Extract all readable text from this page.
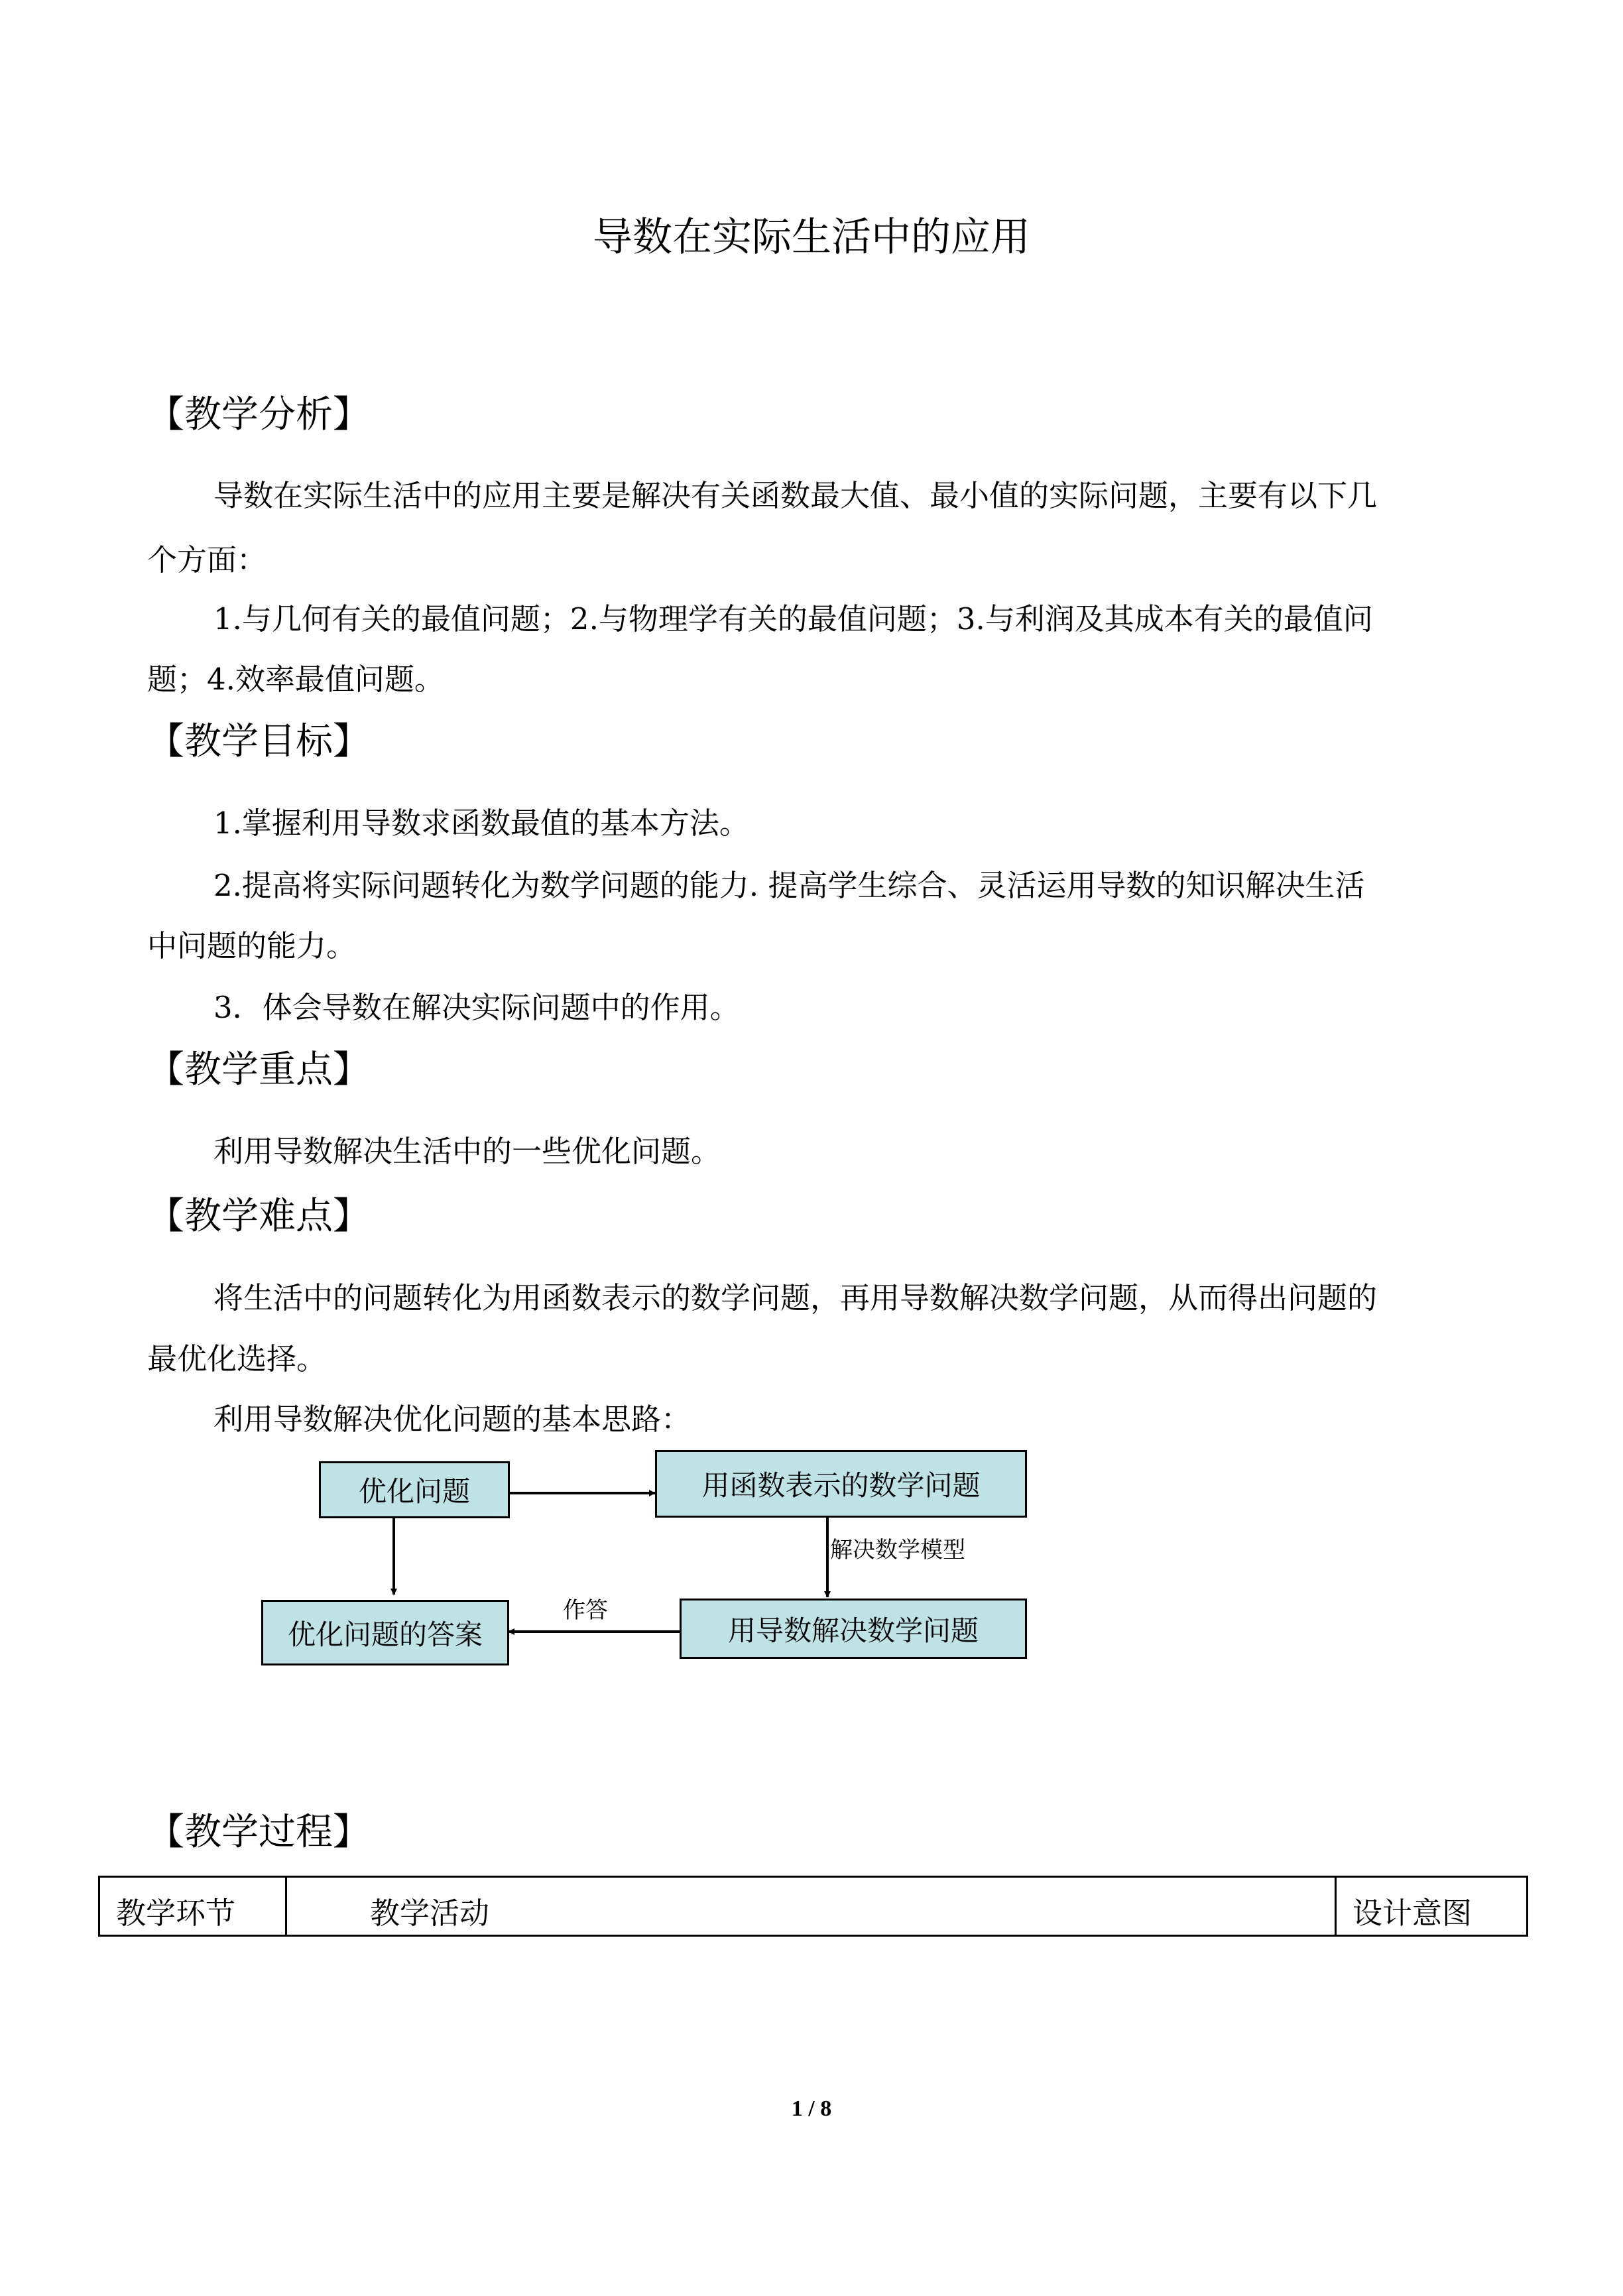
导数在实际生活中的应用
【教学分析】
导数在实际生活中的应用主要是解决有关函数最大值、最小值的实际问题，主要有以下几
个方面：
1.与几何有关的最值问题；2.与物理学有关的最值问题；3.与利润及其成本有关的最值问
题；4.效率最值问题。
【教学目标】
1.掌握利用导数求函数最值的基本方法。
2.提高将实际问题转化为数学问题的能力. 提高学生综合、灵活运用导数的知识解决生活
中问题的能力。
3．体会导数在解决实际问题中的作用。
【教学重点】
利用导数解决生活中的一些优化问题。
【教学难点】
将生活中的问题转化为用函数表示的数学问题，再用导数解决数学问题，从而得出问题的
最优化选择。
利用导数解决优化问题的基本思路：
优化问题	用函数表示的数学问题
用导数解决数学问题
优化问题的答案
解决数学模型
作答
【教学过程】
教学环节	教学活动	设计意图
1 / 8
